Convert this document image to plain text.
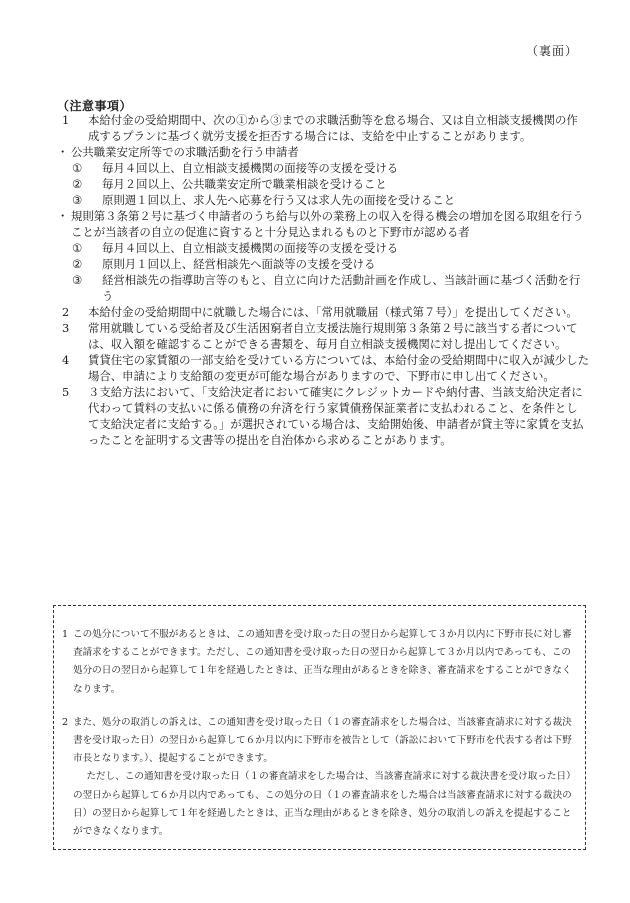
（裏面）
（注意事項）

1 本給付金の受給期間中、次の①から③までの求職活動等を怠る場合、又は自立相談支援機関の作成するプランに基づく就労支援を拒否する場合には、支給を中止することがあります。

・ 公共職業安定所等での求職活動を行う申請者

① 毎月４回以上、自立相談支援機関の面接等の支援を受ける

② 毎月２回以上、公共職業安定所で職業相談を受けること

③ 原則週１回以上、求人先へ応募を行う又は求人先の面接を受けること

・ 規則第３条第２号に基づく申請者のうち給与以外の業務上の収入を得る機会の増加を図る取組を行うことが当該者の自立の促進に資すると十分見込まれるものと下野市が認める者

① 毎月４回以上、自立相談支援機関の面接等の支援を受ける

② 原則月１回以上、経営相談先へ面談等の支援を受ける

③ 経営相談先の指導助言等のもと、自立に向けた活動計画を作成し、当該計画に基づく活動を行う

2 本給付金の受給期間中に就職した場合には、「常用就職届（様式第７号）」を提出してください。

3 常用就職している受給者及び生活困窮者自立支援法施行規則第３条第２号に該当する者については、収入額を確認することができる書類を、毎月自立相談支援機関に対し提出してください。

4 賃貸住宅の家賃額の一部支給を受けている方については、本給付金の受給期間中に収入が減少した場合、申請により支給額の変更が可能な場合がありますので、下野市に申し出てください。

5 ３支給方法において、「支給決定者において確実にクレジットカードや納付書、当該支給決定者に代わって賃料の支払いに係る債務の弁済を行う家賃債務保証業者に支払われること、を条件として支給決定者に支給する。」が選択されている場合は、支給開始後、申請者が貸主等に家賃を支払ったことを証明する文書等の提出を自治体から求めることがあります。

1 この処分について不服があるときは、この通知書を受け取った日の翌日から起算して３か月以内に下野市長に対し審査請求をすることができます。ただし、この通知書を受け取った日の翌日から起算して３か月以内であっても、この処分の日の翌日から起算して１年を経過したときは、正当な理由があるときを除き、審査請求をすることができなくなります。

2 また、処分の取消しの訴えは、この通知書を受け取った日（１の審査請求をした場合は、当該審査請求に対する裁決書を受け取った日）の翌日から起算して６か月以内に下野市を被告として（訴訟において下野市を代表する者は下野市長となります。）、提起することができます。

ただし、この通知書を受け取った日（１の審査請求をした場合は、当該審査請求に対する裁決書を受け取った日）の翌日から起算して６か月以内であっても、この処分の日（１の審査請求をした場合は当該審査請求に対する裁決の日）の翌日から起算して１年を経過したときは、正当な理由があるときを除き、処分の取消しの訴えを提起することができなくなります。
